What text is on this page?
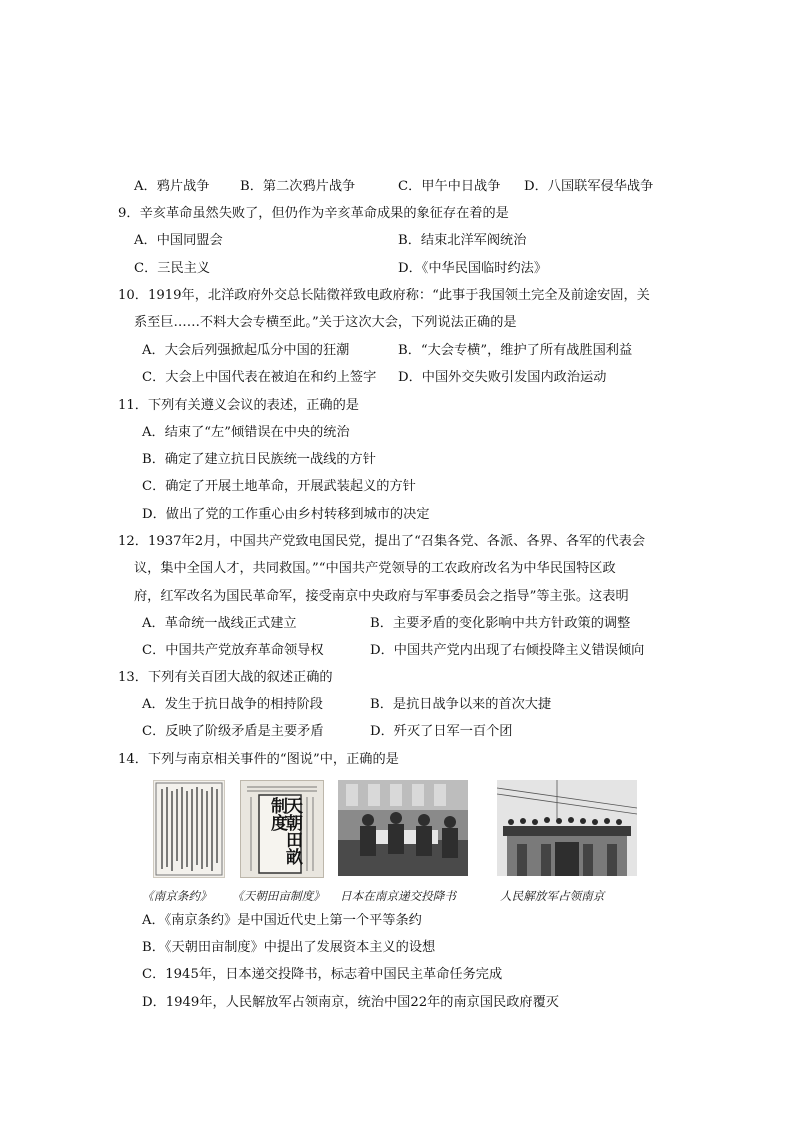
A．鸦片战争 B．第二次鸦片战争	C．甲午中日战争 D．八国联军侵华战争
9．辛亥革命虽然失败了，但仍作为辛亥革命成果的象征存在着的是
A．中国同盟会	B．结束北洋军阀统治
C．三民主义	D．《中华民国临时约法》
10．1919年，北洋政府外交总长陆徵祥致电政府称：“此事于我国领土完全及前途安固，关
系至巨……不料大会专横至此。”关于这次大会，下列说法正确的是
A．大会后列强掀起瓜分中国的狂潮	B．“大会专横”，维护了所有战胜国利益
C．大会上中国代表在被迫在和约上签字 D．中国外交失败引发国内政治运动
11．下列有关遵义会议的表述，正确的是
A．结束了“左”倾错误在中央的统治
B．确定了建立抗日民族统一战线的方针
C．确定了开展土地革命，开展武装起义的方针
D．做出了党的工作重心由乡村转移到城市的决定
12．1937年2月，中国共产党致电国民党，提出了“召集各党、各派、各界、各军的代表会
议，集中全国人才，共同救国。”“中国共产党领导的工农政府改名为中华民国特区政
府，红军改名为国民革命军，接受南京中央政府与军事委员会之指导”等主张。这表明
A．革命统一战线正式建立	B．主要矛盾的变化影响中共方针政策的调整
C．中国共产党放弃革命领导权	D．中国共产党内出现了右倾投降主义错误倾向
13．下列有关百团大战的叙述正确的
A．发生于抗日战争的相持阶段	B．是抗日战争以来的首次大捷
C．反映了阶级矛盾是主要矛盾	D．歼灭了日军一百个团
14．下列与南京相关事件的“图说”中，正确的是
天朝田畝制度
《南京条约》 《天朝田亩制度》 日本在南京递交投降书	人民解放军占领南京
A．《南京条约》是中国近代史上第一个平等条约
B．《天朝田亩制度》中提出了发展资本主义的设想
C．1945年，日本递交投降书，标志着中国民主革命任务完成
D．1949年，人民解放军占领南京，统治中国22年的南京国民政府覆灭
